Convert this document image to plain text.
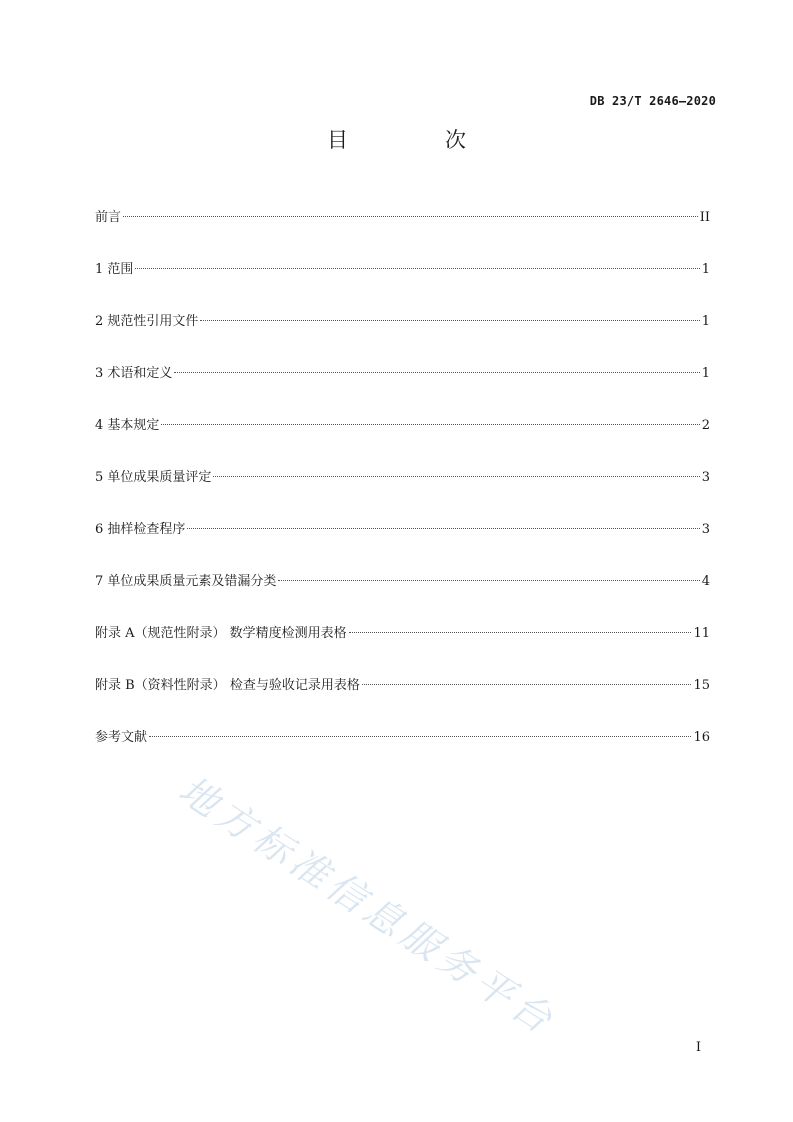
DB 23/T 2646—2020
目　次
前言	II
1 范围	1
2 规范性引用文件	1
3 术语和定义	1
4 基本规定	2
5 单位成果质量评定	3
6 抽样检查程序	3
7 单位成果质量元素及错漏分类	4
附录 A（规范性附录） 数学精度检测用表格	11
附录 B（资料性附录） 检查与验收记录用表格	15
参考文献	16
地方标准信息服务平台
I
